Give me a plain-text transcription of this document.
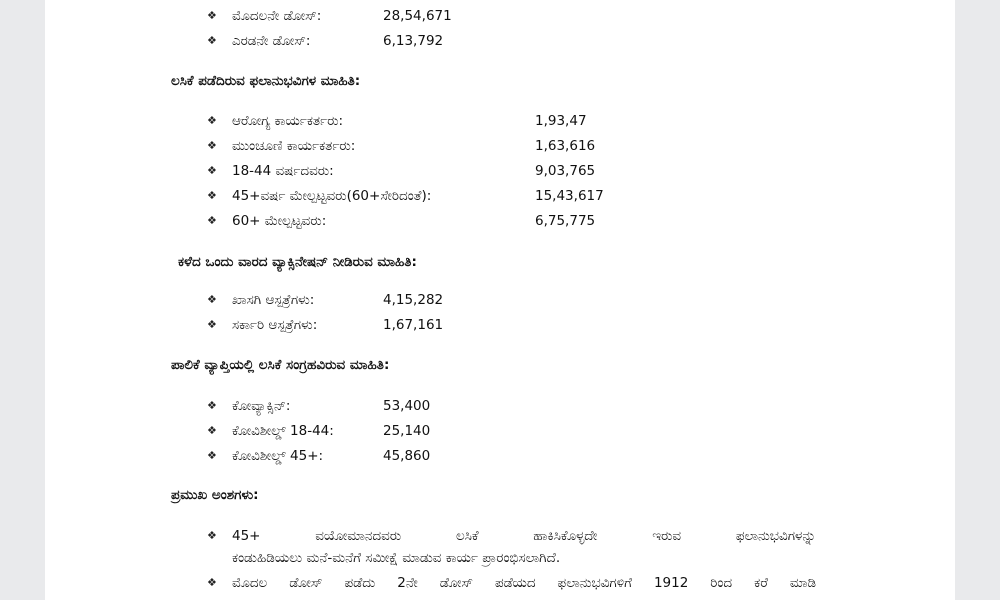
❖ ಮೊದಲನೇ ಡೋಸ್:	28,54,671
❖ ಎರಡನೇ ಡೋಸ್:	6,13,792
ಲಸಿಕೆ ಪಡೆದಿರುವ ಫಲಾನುಭವಿಗಳ ಮಾಹಿತಿ:
❖ ಆರೋಗ್ಯ ಕಾರ್ಯಕರ್ತರು:	1,93,47
❖ ಮುಂಚೂಣಿ ಕಾರ್ಯಕರ್ತರು:	1,63,616
❖ 18-44 ವರ್ಷದವರು:	9,03,765
❖ 45+ವರ್ಷ ಮೇಲ್ಪಟ್ಟವರು(60+ಸೇರಿದಂತೆ):	15,43,617
❖ 60+ ಮೇಲ್ಪಟ್ಟವರು:	6,75,775
ಕಳೆದ ಒಂದು ವಾರದ ವ್ಯಾಕ್ಸಿನೇಷನ್ ನೀಡಿರುವ ಮಾಹಿತಿ:
❖ ಖಾಸಗಿ ಆಸ್ಪತ್ರೆಗಳು:	4,15,282
❖ ಸರ್ಕಾರಿ ಆಸ್ಪತ್ರೆಗಳು:	1,67,161
ಪಾಲಿಕೆ ವ್ಯಾಪ್ತಿಯಲ್ಲಿ ಲಸಿಕೆ ಸಂಗ್ರಹವಿರುವ ಮಾಹಿತಿ:
❖ ಕೋವ್ಯಾಕ್ಸಿನ್:	53,400
❖ ಕೋವಿಶೀಲ್ಡ್ 18-44:	25,140
❖ ಕೋವಿಶೀಲ್ಡ್ 45+:	45,860
ಪ್ರಮುಖ ಅಂಶಗಳು:
❖ 45+ ವಯೋಮಾನದವರು ಲಸಿಕೆ ಹಾಕಿಸಿಕೊಳ್ಳದೇ ಇರುವ ಫಲಾನುಭವಿಗಳನ್ನು
ಕಂಡುಹಿಡಿಯಲು ಮನೆ-ಮನೆಗೆ ಸಮೀಕ್ಷೆ ಮಾಡುವ ಕಾರ್ಯ ಪ್ರಾರಂಭಿಸಲಾಗಿದೆ.
❖ ಮೊದಲ ಡೋಸ್ ಪಡೆದು 2ನೇ ಡೋಸ್ ಪಡೆಯದ ಫಲಾನುಭವಿಗಳಿಗೆ 1912 ರಿಂದ ಕರೆ ಮಾಡಿ
